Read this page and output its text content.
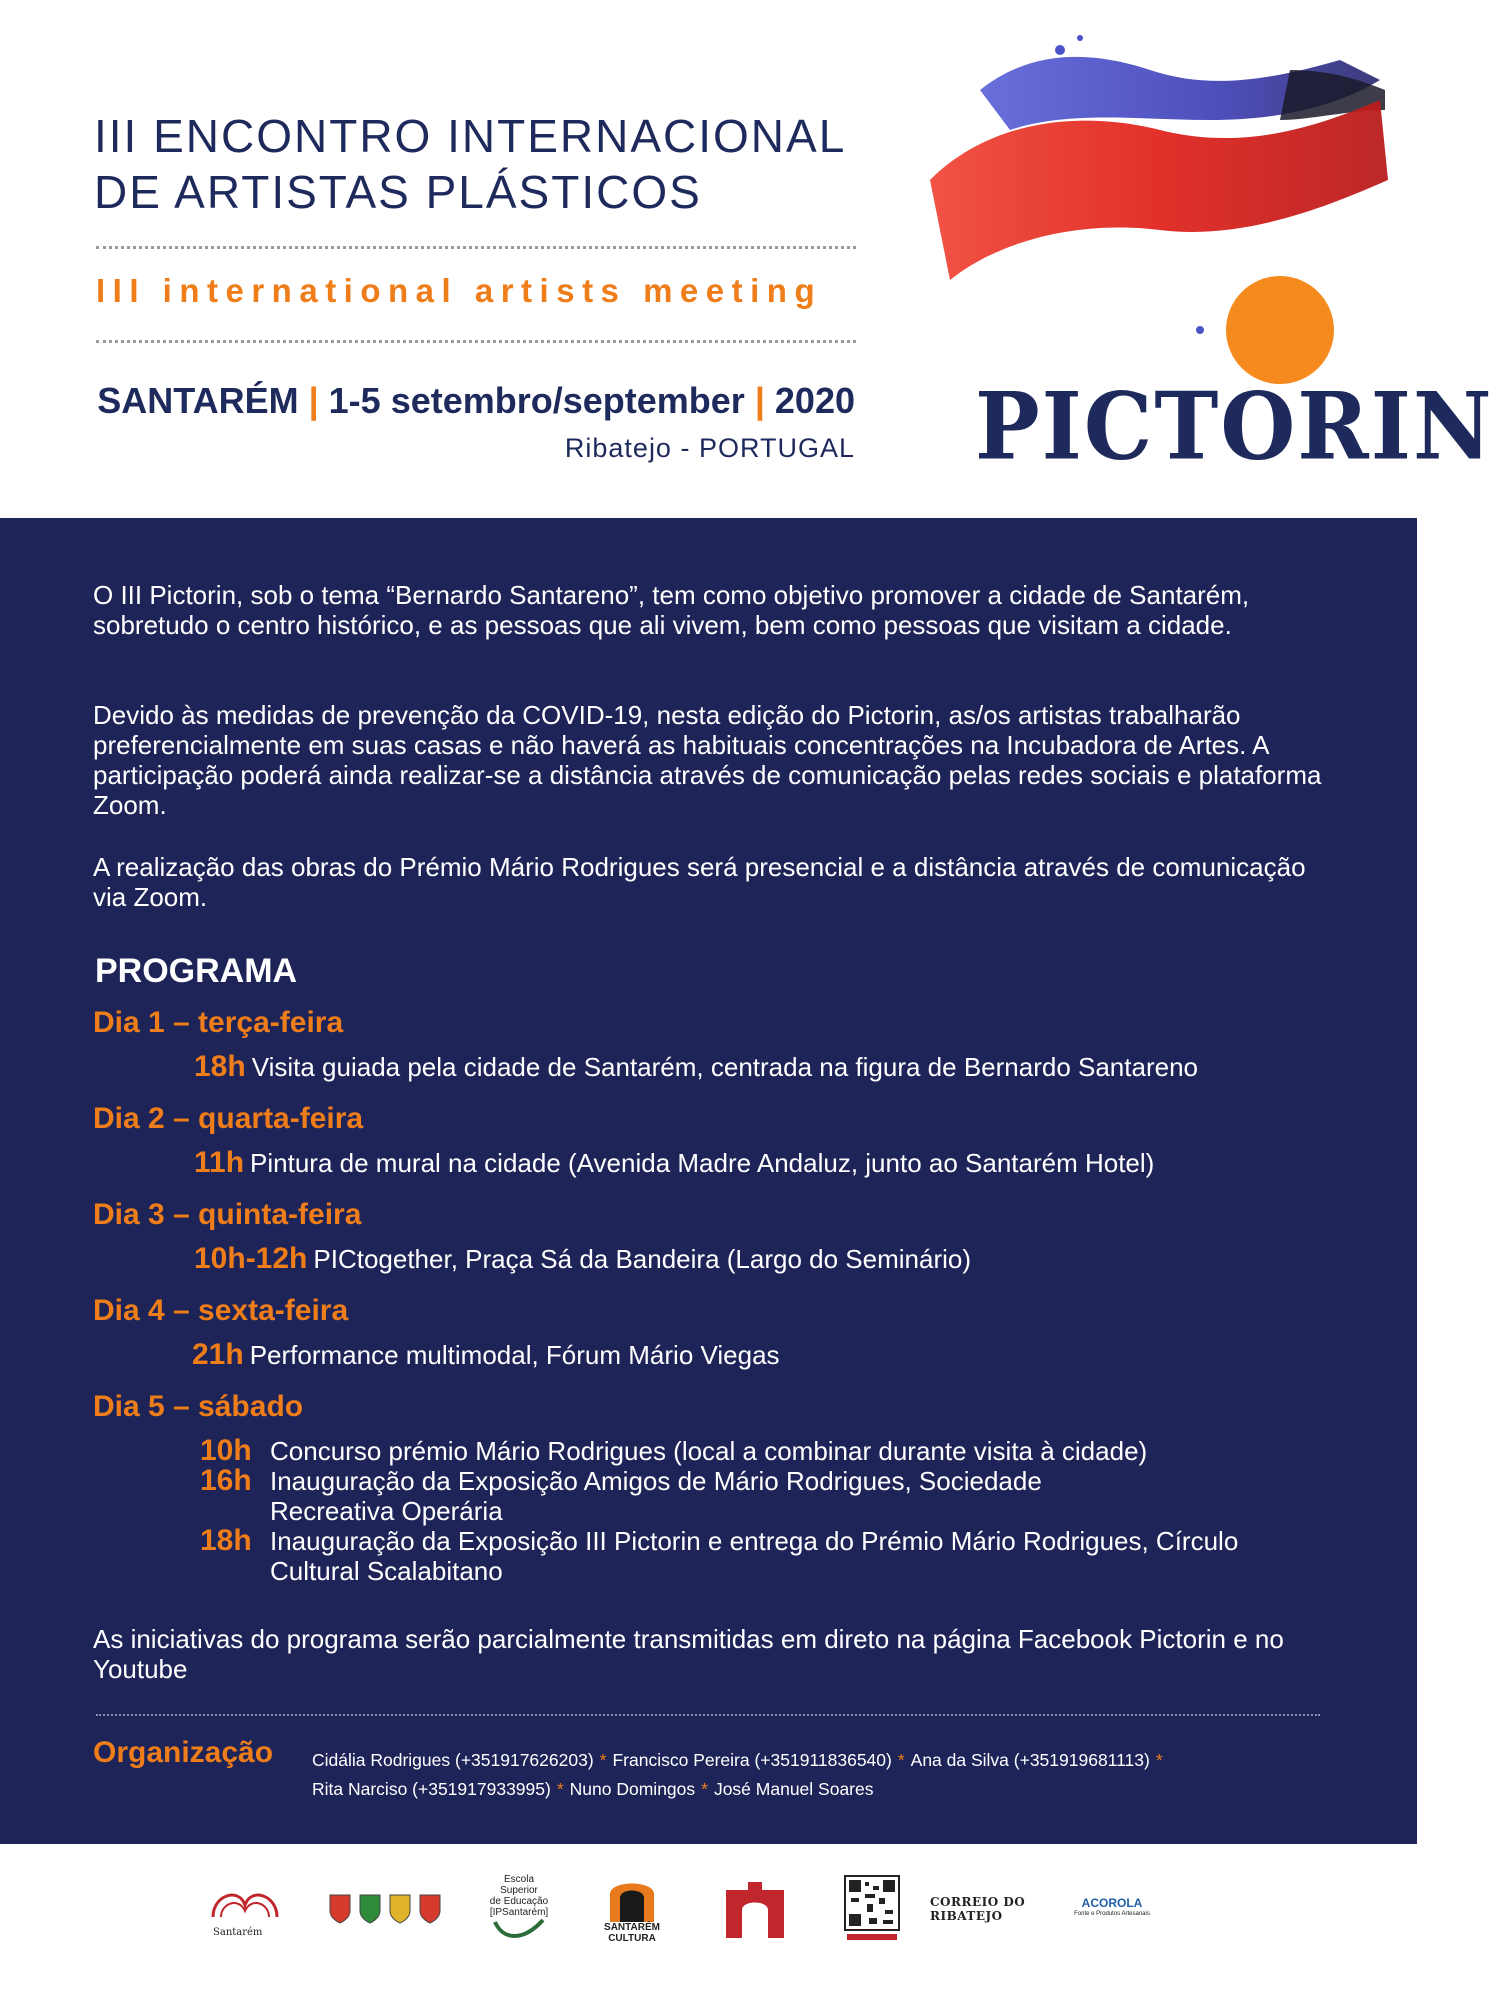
III ENCONTRO INTERNACIONAL
DE ARTISTAS PLÁSTICOS
III international artists meeting
SANTARÉM | 1-5 setembro/september | 2020
Ribatejo - PORTUGAL PICTORIN

O III Pictorin, sob o tema “Bernardo Santareno”, tem como objetivo promover a cidade de Santarém, sobretudo o centro histórico, e as pessoas que ali vivem, bem como pessoas que visitam a cidade.

Devido às medidas de prevenção da COVID-19, nesta edição do Pictorin, as/os artistas trabalharão preferencialmente em suas casas e não haverá as habituais concentrações na Incubadora de Artes. A participação poderá ainda realizar-se a distância através de comunicação pelas redes sociais e plataforma Zoom.

A realização das obras do Prémio Mário Rodrigues será presencial e a distância através de comunicação via Zoom.

PROGRAMA
Dia 1 – terça-feira
18h Visita guiada pela cidade de Santarém, centrada na figura de Bernardo Santareno
Dia 2 – quarta-feira
11h Pintura de mural na cidade (Avenida Madre Andaluz, junto ao Santarém Hotel)
Dia 3 – quinta-feira
10h-12h PICtogether, Praça Sá da Bandeira (Largo do Seminário)
Dia 4 – sexta-feira
21h Performance multimodal, Fórum Mário Viegas
Dia 5 – sábado
10h Concurso prémio Mário Rodrigues (local a combinar durante visita à cidade)
16h Inauguração da Exposição Amigos de Mário Rodrigues, Sociedade Recreativa Operária
18h Inauguração da Exposição III Pictorin e entrega do Prémio Mário Rodrigues, Círculo Cultural Scalabitano

As iniciativas do programa serão parcialmente transmitidas em direto na página Facebook Pictorin e no Youtube

Organização Cidália Rodrigues (+351917626203) * Francisco Pereira (+351911836540) * Ana da Silva (+351919681113) *
Rita Narciso (+351917933995) * Nuno Domingos * José Manuel Soares
Santarém
Escola Superior
de Educação
[IPSantarém]
SANTARÉM
CULTURA
CORREIO DO RIBATEJO
ACOROLA
Fonte e Produtos Artesanais
